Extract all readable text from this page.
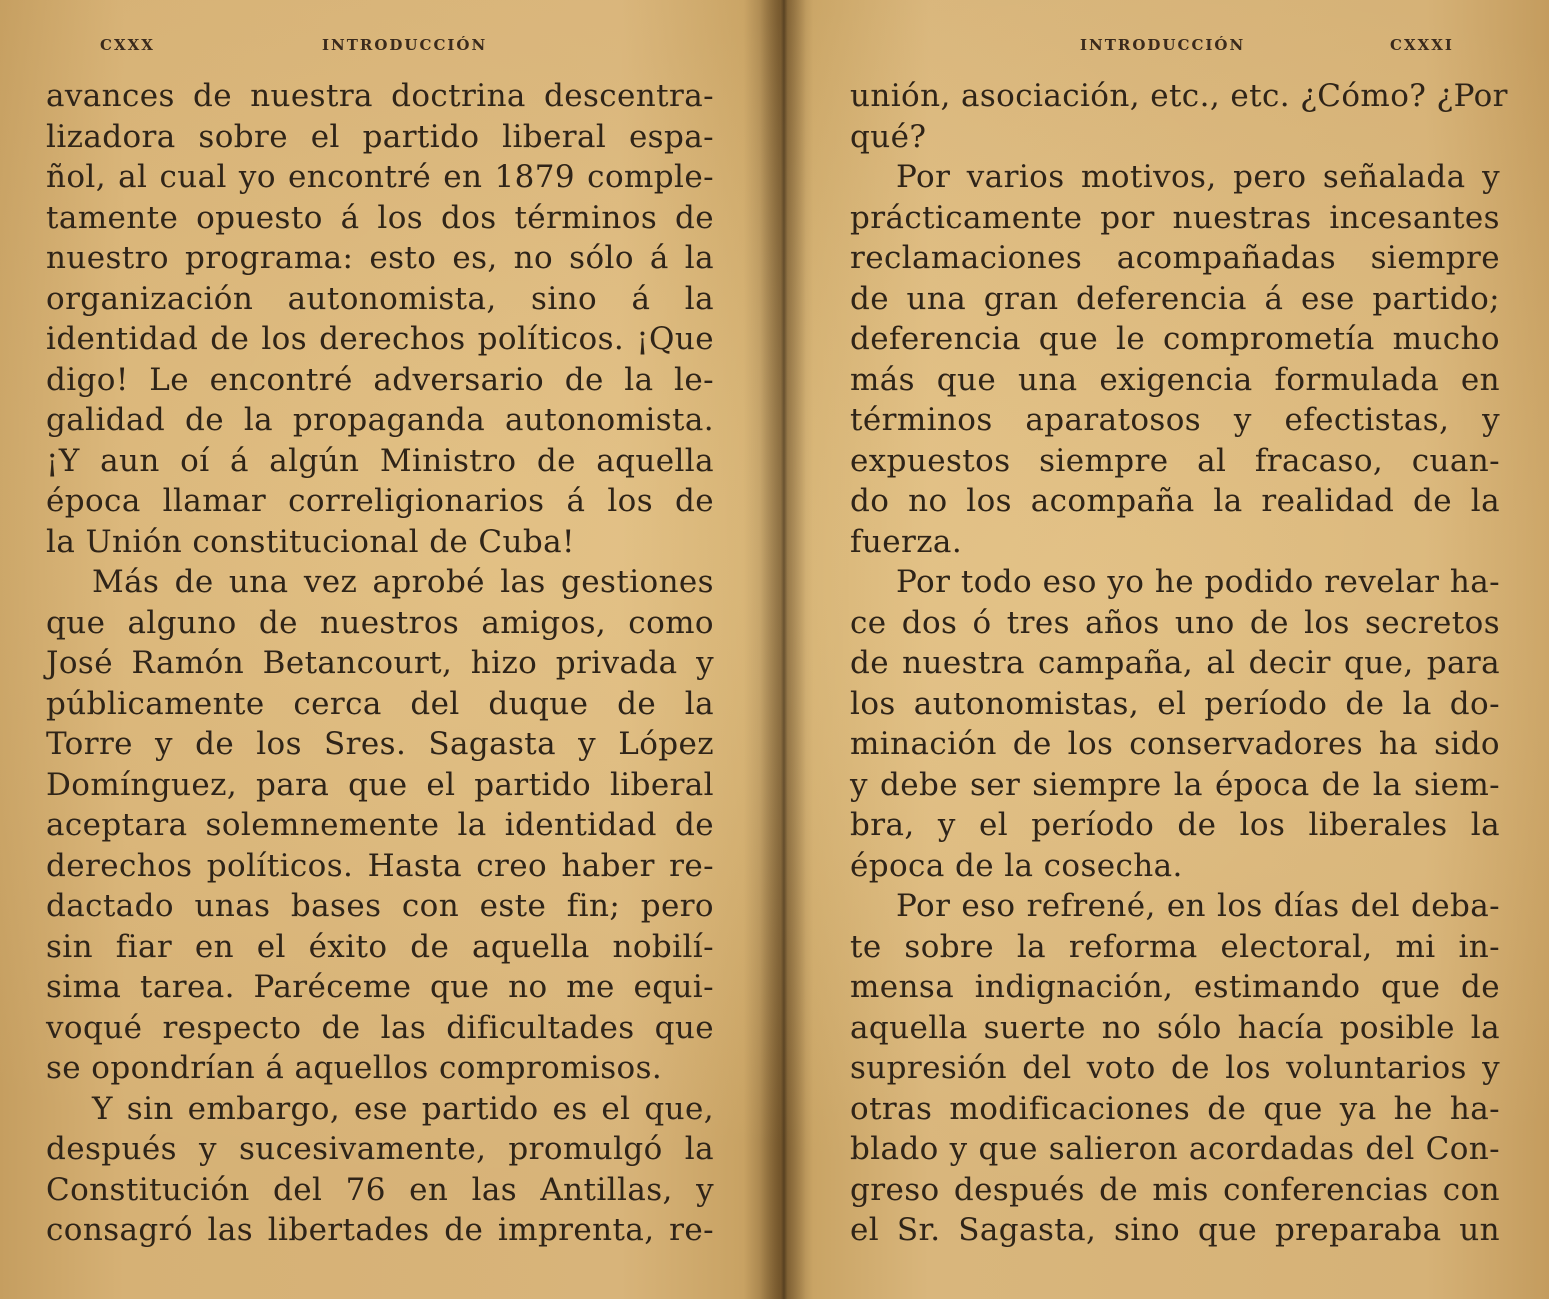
CXXX	INTRODUCCIÓN
avances de nuestra doctrina descentra-
lizadora sobre el partido liberal espa-
ñol, al cual yo encontré en 1879 comple-
tamente opuesto á los dos términos de
nuestro programa: esto es, no sólo á la
organización autonomista, sino á la
identidad de los derechos políticos. ¡Que
digo! Le encontré adversario de la le-
galidad de la propaganda autonomista.
¡Y aun oí á algún Ministro de aquella
época llamar correligionarios á los de
la Unión constitucional de Cuba!
Más de una vez aprobé las gestiones
que alguno de nuestros amigos, como
José Ramón Betancourt, hizo privada y
públicamente cerca del duque de la
Torre y de los Sres. Sagasta y López
Domínguez, para que el partido liberal
aceptara solemnemente la identidad de
derechos políticos. Hasta creo haber re-
dactado unas bases con este fin; pero
sin fiar en el éxito de aquella nobilí-
sima tarea. Paréceme que no me equi-
voqué respecto de las dificultades que
se opondrían á aquellos compromisos.
Y sin embargo, ese partido es el que,
después y sucesivamente, promulgó la
Constitución del 76 en las Antillas, y
consagró las libertades de imprenta, re-
INTRODUCCIÓN	CXXXI
unión, asociación, etc., etc. ¿Cómo? ¿Por
qué?
Por varios motivos, pero señalada y
prácticamente por nuestras incesantes
reclamaciones acompañadas siempre
de una gran deferencia á ese partido;
deferencia que le comprometía mucho
más que una exigencia formulada en
términos aparatosos y efectistas, y
expuestos siempre al fracaso, cuan-
do no los acompaña la realidad de la
fuerza.
Por todo eso yo he podido revelar ha-
ce dos ó tres años uno de los secretos
de nuestra campaña, al decir que, para
los autonomistas, el período de la do-
minación de los conservadores ha sido
y debe ser siempre la época de la siem-
bra, y el período de los liberales la
época de la cosecha.
Por eso refrené, en los días del deba-
te sobre la reforma electoral, mi in-
mensa indignación, estimando que de
aquella suerte no sólo hacía posible la
supresión del voto de los voluntarios y
otras modificaciones de que ya he ha-
blado y que salieron acordadas del Con-
greso después de mis conferencias con
el Sr. Sagasta, sino que preparaba un
